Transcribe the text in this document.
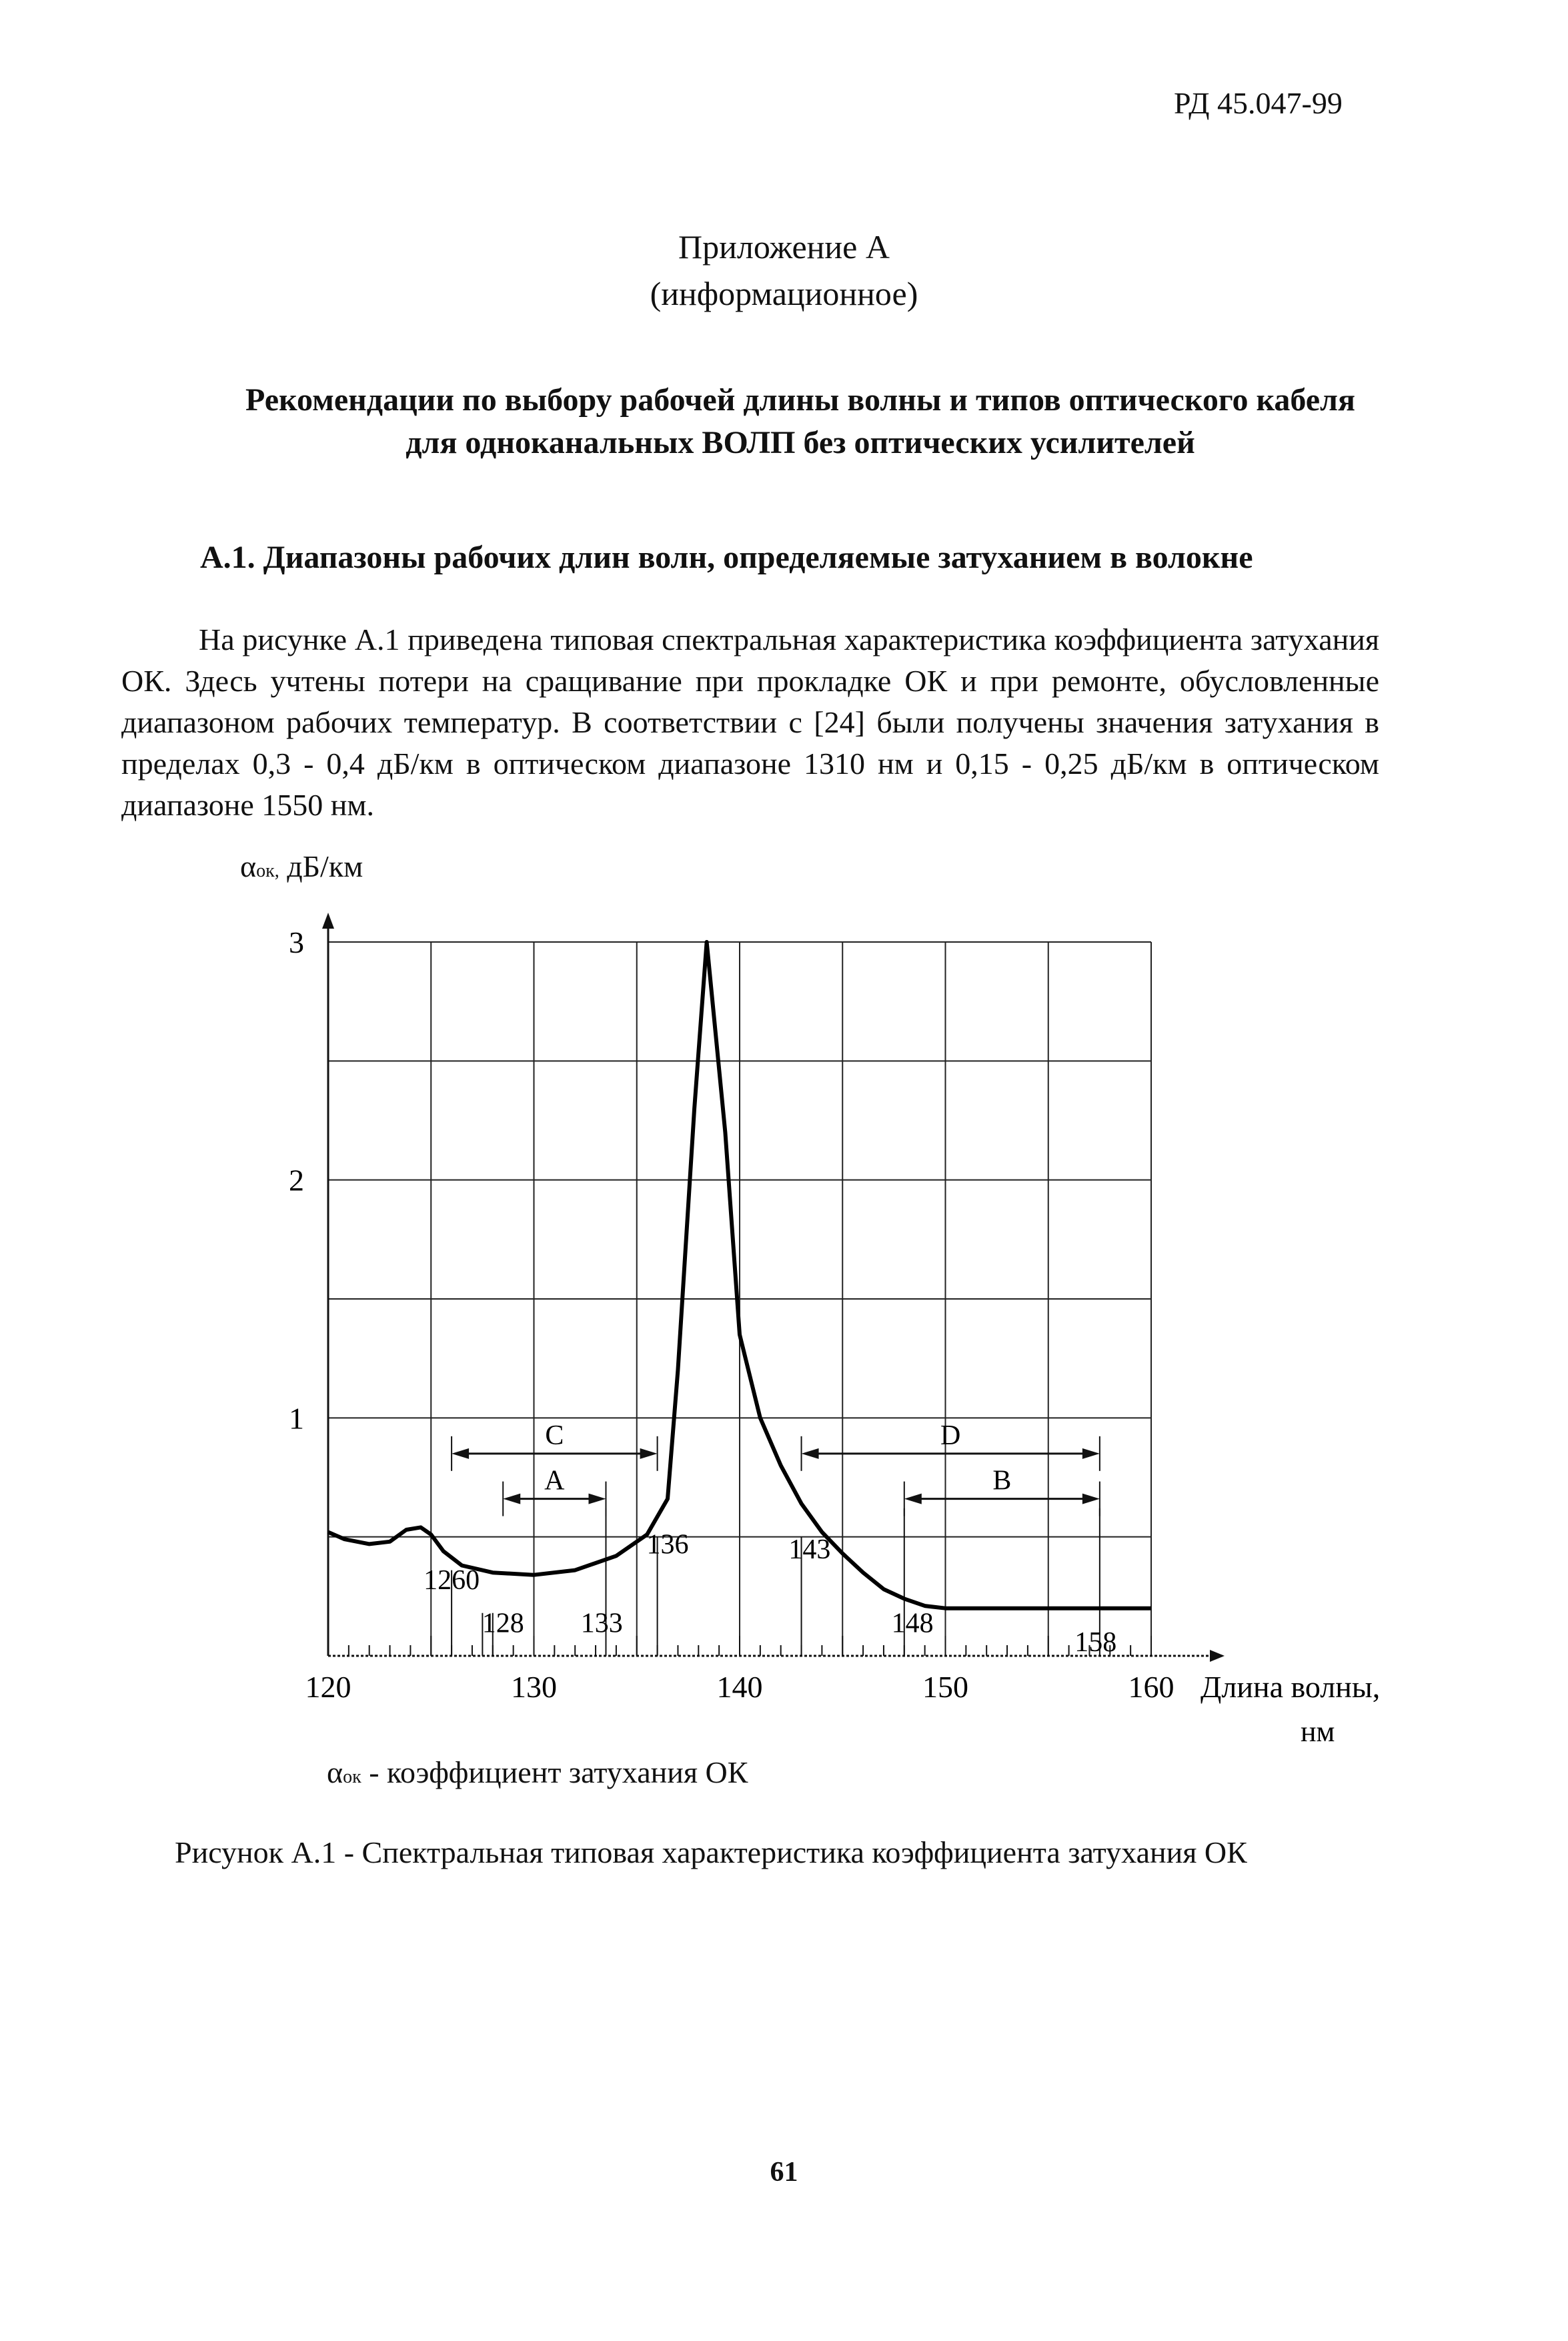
РД 45.047-99
Приложение А
(информационное)
Рекомендации по выбору рабочей длины волны и типов оптического кабеля
для одноканальных ВОЛП без оптических усилителей
А.1. Диапазоны рабочих длин волн, определяемые затуханием в волокне
На рисунке А.1 приведена типовая спектральная характеристика коэффициента затухания ОК. Здесь учтены потери на сращивание при прокладке ОК и при ремонте, обусловленные диапазоном рабочих температур. В соответствии с [24] были получены значения затухания в пределах 0,3 - 0,4 дБ/км в оптическом диапазоне 1310 нм и 0,15 - 0,25 дБ/км в оптическом диапазоне 1550 нм.
αок, дБ/км
120	130	140	150	160
1
2
3
C
A
D
B
1260
128 133
136	143
148
158
Длина волны,
нм
αок - коэффициент затухания ОК
Рисунок А.1 - Спектральная типовая характеристика коэффициента затухания ОК
61
